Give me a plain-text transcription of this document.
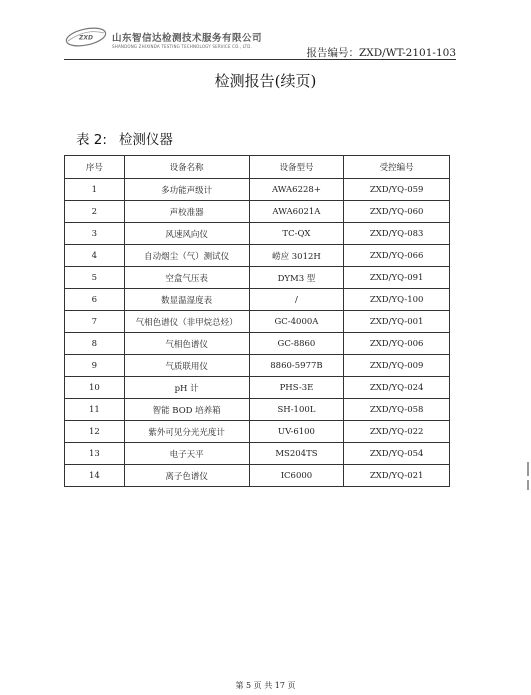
ZXD 山东智信达检测技术服务有限公司
SHANDONG ZHIXINDA TESTING TECHNOLOGY SERVICE CO., LTD.
报告编号：ZXD/WT-2101-103
检测报告(续页)
表 2: 检测仪器
序号	设备名称	设备型号	受控编号
1	多功能声级计	AWA6228+	ZXD/YQ-059
2	声校准器	AWA6021A	ZXD/YQ-060
3	风速风向仪	TC-QX	ZXD/YQ-083
4	自动烟尘（气）测试仪	崂应 3012H	ZXD/YQ-066
5	空盒气压表	DYM3 型	ZXD/YQ-091
6	数显温湿度表	/	ZXD/YQ-100
7	气相色谱仪（非甲烷总烃）	GC-4000A	ZXD/YQ-001
8	气相色谱仪	GC-8860	ZXD/YQ-006
9	气质联用仪	8860-5977B	ZXD/YQ-009
10	pH 计	PHS-3E	ZXD/YQ-024
11	智能 BOD 培养箱	SH-100L	ZXD/YQ-058
12	紫外可见分光光度计	UV-6100	ZXD/YQ-022
13	电子天平	MS204TS	ZXD/YQ-054
14	离子色谱仪	IC6000	ZXD/YQ-021
第 5 页 共 17 页
